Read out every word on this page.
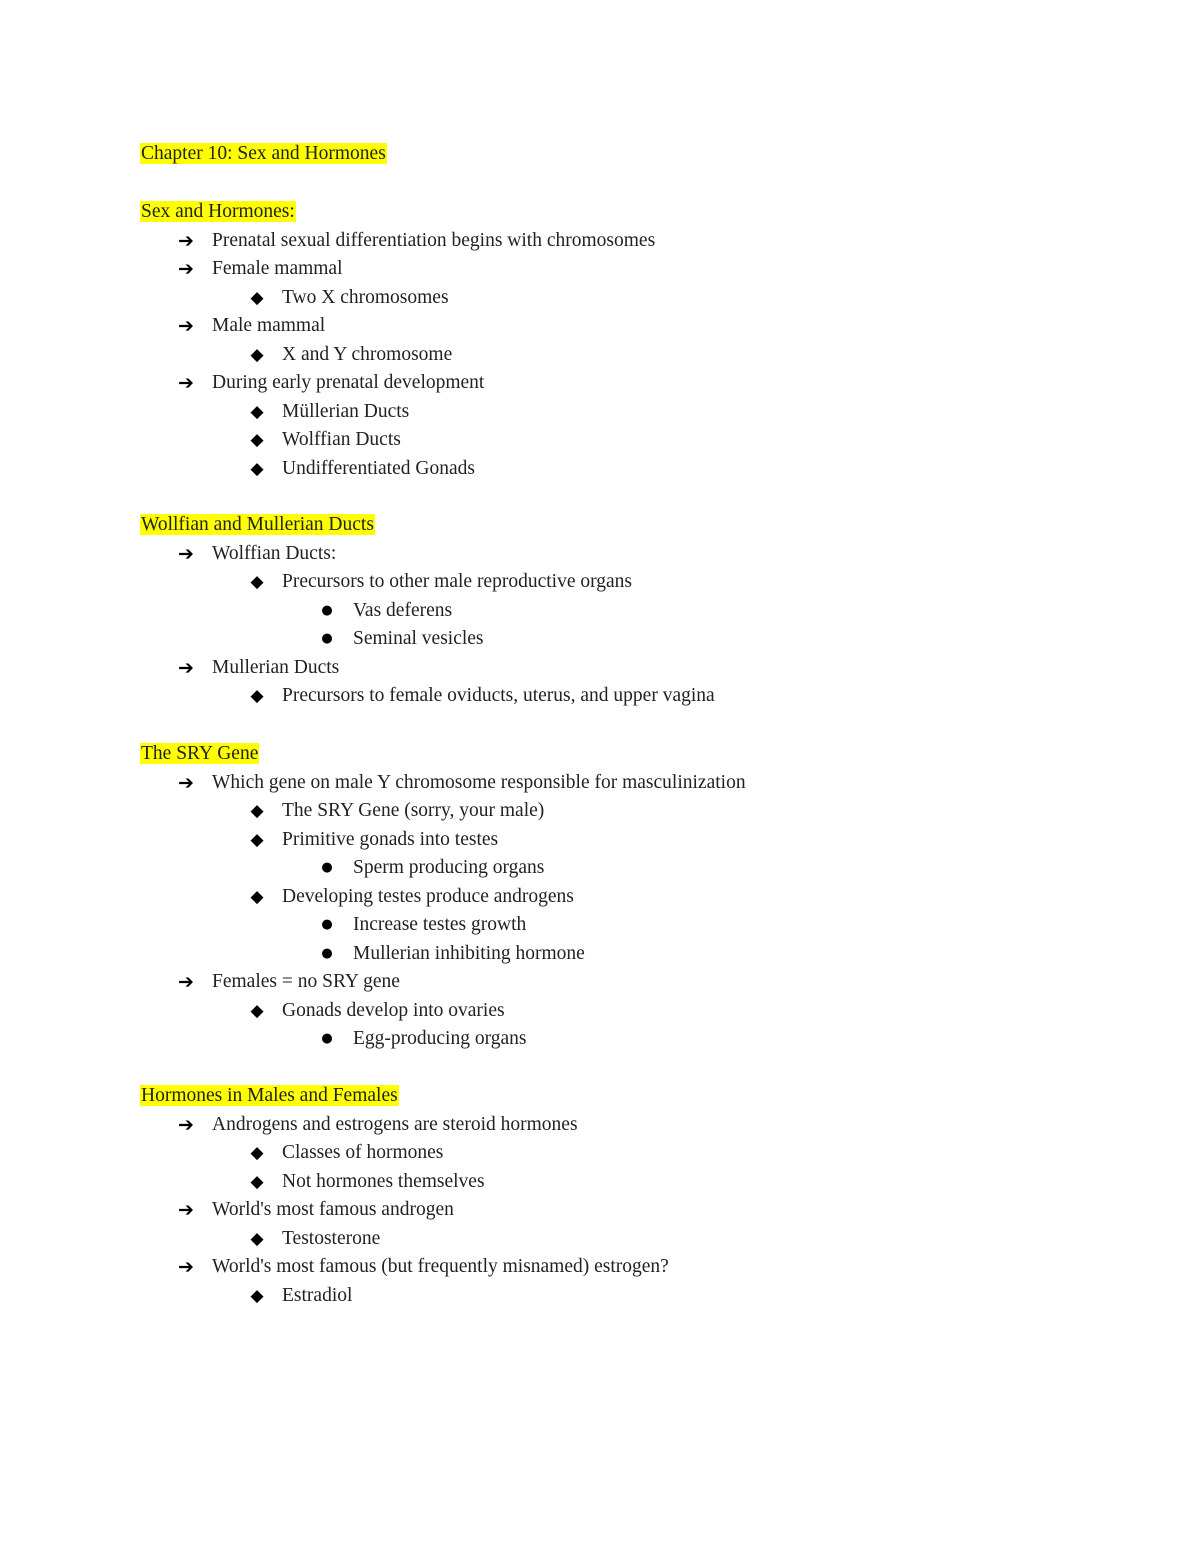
Chapter 10: Sex and Hormones
Sex and Hormones:
➔ Prenatal sexual differentiation begins with chromosomes
➔ Female mammal
◆ Two X chromosomes
➔ Male mammal
◆ X and Y chromosome
➔ During early prenatal development
◆ Müllerian Ducts
◆ Wolffian Ducts
◆ Undifferentiated Gonads
Wollfian and Mullerian Ducts
➔ Wolffian Ducts:
◆ Precursors to other male reproductive organs
● Vas deferens
● Seminal vesicles
➔ Mullerian Ducts
◆ Precursors to female oviducts, uterus, and upper vagina
The SRY Gene
➔ Which gene on male Y chromosome responsible for masculinization
◆ The SRY Gene (sorry, your male)
◆ Primitive gonads into testes
● Sperm producing organs
◆ Developing testes produce androgens
● Increase testes growth
● Mullerian inhibiting hormone
➔ Females = no SRY gene
◆ Gonads develop into ovaries
● Egg-producing organs
Hormones in Males and Females
➔ Androgens and estrogens are steroid hormones
◆ Classes of hormones
◆ Not hormones themselves
➔ World's most famous androgen
◆ Testosterone
➔ World's most famous (but frequently misnamed) estrogen?
◆ Estradiol
